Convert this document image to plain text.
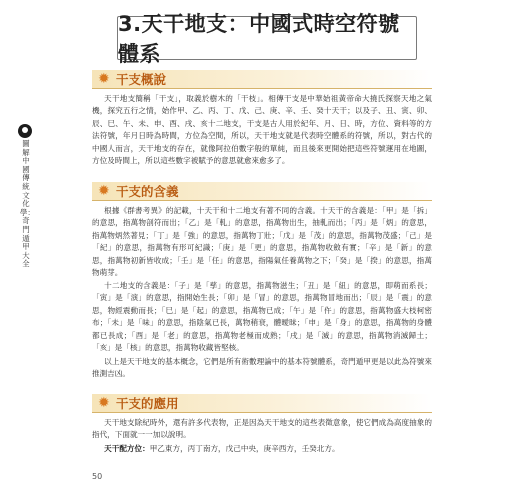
3.天干地支：中國式時空符號體系
圖解中國傳統文化學：奇門遁甲大全
✹ 干支概說

天干地支簡稱「干支」，取義於樹木的「干枝」。相傳干支是中華始祖黃帝命大撓氏探察天地之氣機，探究五行之情，始作甲、乙、丙、丁、戊、己、庚、辛、壬、癸十天干；以及子、丑、寅、卯、辰、巳、午、未、申、酉、戌、亥十二地支，干支是古人用於紀年、月、日、時，方位、資料等的方法符號，年月日時為時間，方位為空間，所以，天干地支就是代表時空體系的符號，所以，對古代的中國人而言，天干地支的存在，就像阿拉伯數字般的單純，而且後來更開始把這些符號運用在地圖，方位及時間上，所以這些數字被賦予的意思就愈來愈多了。

✹ 干支的含義

根據《群書考異》的記載，十天干和十二地支有著不同的含義。十天干的含義是：「甲」是「拆」的意思，指萬物剖符而出；「乙」是「軋」的意思，指萬物出生，抽軋而出；「丙」是「炳」的意思，指萬物炳然著見；「丁」是「強」的意思，指萬物丁壯；「戊」是「茂」的意思，指萬物茂盛；「己」是「紀」的意思，指萬物有形可紀識；「庚」是「更」的意思，指萬物收斂有實；「辛」是「新」的意思，指萬物初新皆收成；「壬」是「任」的意思，指陽氣任養萬物之下；「癸」是「揆」的意思，指萬物萌芽。

十二地支的含義是：「子」是「孳」的意思，指萬物滋生；「丑」是「紐」的意思，即萌而系長；「寅」是「演」的意思，指開始生長；「卯」是「冒」的意思，指萬物冒地而出；「辰」是「震」的意思，物經震動而長；「巳」是「起」的意思，指萬物已成；「午」是「仵」的意思，指萬物盛大枝柯密布；「未」是「味」的意思，指陰氣已長，萬物稍衰，體曖昧；「申」是「身」的意思，指萬物的身體都已長成；「酉」是「老」的意思，指萬物老極而成熟；「戌」是「滅」的意思，指萬物消滅歸土；「亥」是「核」的意思，指萬物收藏皆堅核。

以上是天干地支的基本概念，它們是所有術數理論中的基本符號體系，奇門遁甲更是以此為符號來推測吉凶。

✹ 干支的應用

天干地支除紀時外，還有許多代表物，正是因為天干地支的這些表徵意象，使它們成為高度抽象的指代，下面就一一加以說明。

天干配方位：甲乙東方，丙丁南方，戊己中央，庚辛西方，壬癸北方。

50
